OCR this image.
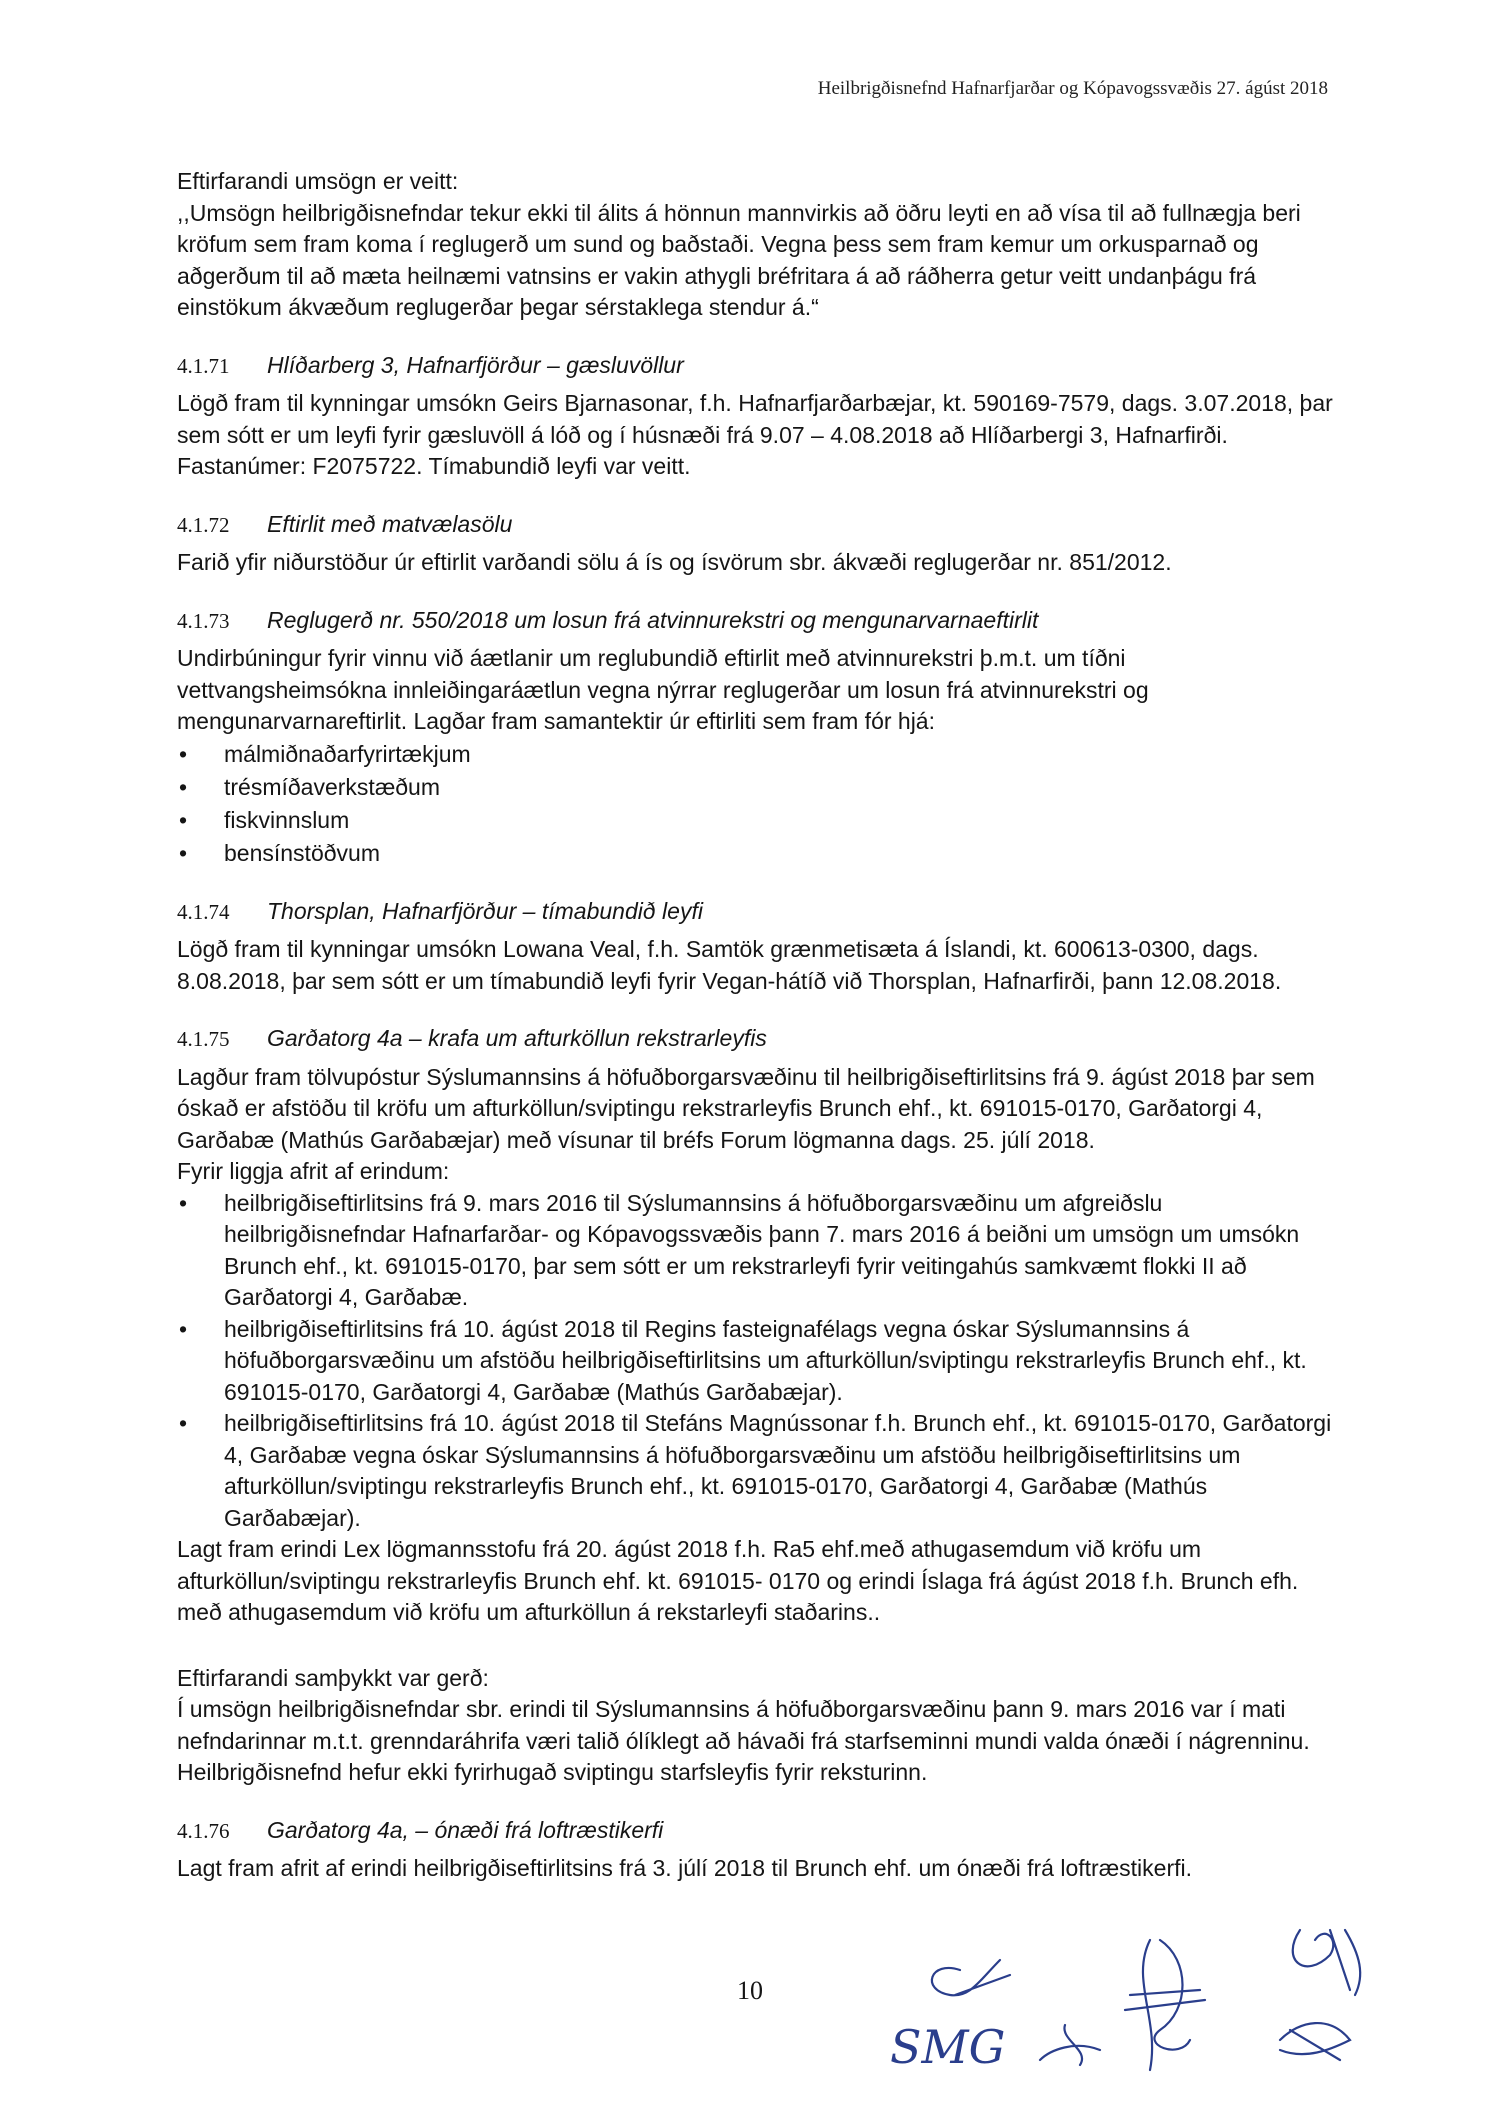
Heilbrigðisnefnd Hafnarfjarðar og Kópavogssvæðis 27. ágúst 2018

Eftirfarandi umsögn er veitt:

,,Umsögn heilbrigðisnefndar tekur ekki til álits á hönnun mannvirkis að öðru leyti en að vísa til að fullnægja beri kröfum sem fram koma í reglugerð um sund og baðstaði. Vegna þess sem fram kemur um orkusparnað og aðgerðum til að mæta heilnæmi vatnsins er vakin athygli bréfritara á að ráðherra getur veitt undanþágu frá einstökum ákvæðum reglugerðar þegar sérstaklega stendur á.“

4.1.71	Hlíðarberg 3, Hafnarfjörður – gæsluvöllur

Lögð fram til kynningar umsókn Geirs Bjarnasonar, f.h. Hafnarfjarðarbæjar, kt. 590169-7579, dags. 3.07.2018, þar sem sótt er um leyfi fyrir gæsluvöll á lóð og í húsnæði frá 9.07 – 4.08.2018 að Hlíðarbergi 3, Hafnarfirði. Fastanúmer: F2075722. Tímabundið leyfi var veitt.

4.1.72	Eftirlit með matvælasölu

Farið yfir niðurstöður úr eftirlit varðandi sölu á ís og ísvörum sbr. ákvæði reglugerðar nr. 851/2012.

4.1.73	Reglugerð nr. 550/2018 um losun frá atvinnurekstri og mengunarvarnaeftirlit

Undirbúningur fyrir vinnu við áætlanir um reglubundið eftirlit með atvinnurekstri þ.m.t. um tíðni vettvangsheimsókna innleiðingaráætlun vegna nýrrar reglugerðar um losun frá atvinnurekstri og mengunarvarnareftirlit. Lagðar fram samantektir úr eftirliti sem fram fór hjá:

• málmiðnaðarfyrirtækjum
• trésmíðaverkstæðum
• fiskvinnslum
• bensínstöðvum
4.1.74	Thorsplan, Hafnarfjörður – tímabundið leyfi

Lögð fram til kynningar umsókn Lowana Veal, f.h. Samtök grænmetisæta á Íslandi, kt. 600613-0300, dags. 8.08.2018, þar sem sótt er um tímabundið leyfi fyrir Vegan-hátíð við Thorsplan, Hafnarfirði, þann 12.08.2018.

4.1.75	Garðatorg 4a – krafa um afturköllun rekstrarleyfis

Lagður fram tölvupóstur Sýslumannsins á höfuðborgarsvæðinu til heilbrigðiseftirlitsins frá 9. ágúst 2018 þar sem óskað er afstöðu til kröfu um afturköllun/sviptingu rekstrarleyfis Brunch ehf., kt. 691015-0170, Garðatorgi 4, Garðabæ (Mathús Garðabæjar) með vísunar til bréfs Forum lögmanna dags. 25. júlí 2018.

Fyrir liggja afrit af erindum:

• heilbrigðiseftirlitsins frá 9. mars 2016 til Sýslumannsins á höfuðborgarsvæðinu um afgreiðslu heilbrigðisnefndar Hafnarfarðar- og Kópavogssvæðis þann 7. mars 2016 á beiðni um umsögn um umsókn Brunch ehf., kt. 691015-0170, þar sem sótt er um rekstrarleyfi fyrir veitingahús samkvæmt flokki II að Garðatorgi 4, Garðabæ.
• heilbrigðiseftirlitsins frá 10. ágúst 2018 til Regins fasteignafélags vegna óskar Sýslumannsins á höfuðborgarsvæðinu um afstöðu heilbrigðiseftirlitsins um afturköllun/sviptingu rekstrarleyfis Brunch ehf., kt. 691015-0170, Garðatorgi 4, Garðabæ (Mathús Garðabæjar).
• heilbrigðiseftirlitsins frá 10. ágúst 2018 til Stefáns Magnússonar f.h. Brunch ehf., kt. 691015-0170, Garðatorgi 4, Garðabæ vegna óskar Sýslumannsins á höfuðborgarsvæðinu um afstöðu heilbrigðiseftirlitsins um afturköllun/sviptingu rekstrarleyfis Brunch ehf., kt. 691015-0170, Garðatorgi 4, Garðabæ (Mathús Garðabæjar).

Lagt fram erindi Lex lögmannsstofu frá 20. ágúst 2018 f.h. Ra5 ehf.með athugasemdum við kröfu um afturköllun/sviptingu rekstrarleyfis Brunch ehf. kt. 691015- 0170 og erindi Íslaga frá ágúst 2018 f.h. Brunch efh. með athugasemdum við kröfu um afturköllun á rekstarleyfi staðarins..

Eftirfarandi samþykkt var gerð:

Í umsögn heilbrigðisnefndar sbr. erindi til Sýslumannsins á höfuðborgarsvæðinu þann 9. mars 2016 var í mati nefndarinnar m.t.t. grenndaráhrifa væri talið ólíklegt að hávaði frá starfseminni mundi valda ónæði í nágrenninu.

Heilbrigðisnefnd hefur ekki fyrirhugað sviptingu starfsleyfis fyrir reksturinn.

4.1.76	Garðatorg 4a, – ónæði frá loftræstikerfi

Lagt fram afrit af erindi heilbrigðiseftirlitsins frá 3. júlí 2018 til Brunch ehf. um ónæði frá loftræstikerfi.

10
SMG
